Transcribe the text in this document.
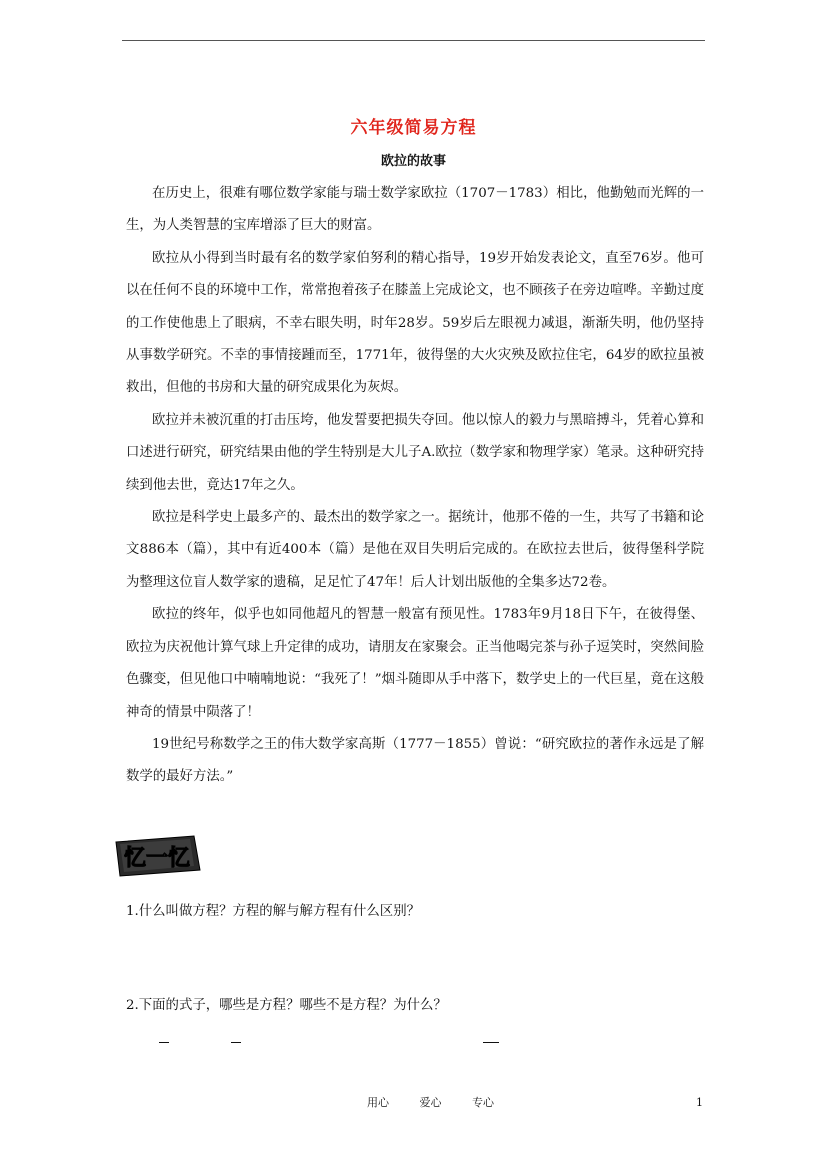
六年级简易方程
欧拉的故事

在历史上，很难有哪位数学家能与瑞士数学家欧拉（1707－1783）相比，他勤勉而光辉的一生，为人类智慧的宝库增添了巨大的财富。

欧拉从小得到当时最有名的数学家伯努利的精心指导，19岁开始发表论文，直至76岁。他可以在任何不良的环境中工作，常常抱着孩子在膝盖上完成论文，也不顾孩子在旁边喧哗。辛勤过度的工作使他患上了眼病，不幸右眼失明，时年28岁。59岁后左眼视力减退，渐渐失明，他仍坚持从事数学研究。不幸的事情接踵而至，1771年，彼得堡的大火灾殃及欧拉住宅，64岁的欧拉虽被救出，但他的书房和大量的研究成果化为灰烬。

欧拉并未被沉重的打击压垮，他发誓要把损失夺回。他以惊人的毅力与黑暗搏斗，凭着心算和口述进行研究，研究结果由他的学生特别是大儿子A.欧拉（数学家和物理学家）笔录。这种研究持续到他去世，竟达17年之久。

欧拉是科学史上最多产的、最杰出的数学家之一。据统计，他那不倦的一生，共写了书籍和论文886本（篇），其中有近400本（篇）是他在双目失明后完成的。在欧拉去世后，彼得堡科学院为整理这位盲人数学家的遗稿，足足忙了47年！后人计划出版他的全集多达72卷。

欧拉的终年，似乎也如同他超凡的智慧一般富有预见性。1783年9月18日下午，在彼得堡、欧拉为庆祝他计算气球上升定律的成功，请朋友在家聚会。正当他喝完茶与孙子逗笑时，突然间脸色骤变，但见他口中喃喃地说：“我死了！”烟斗随即从手中落下，数学史上的一代巨星，竟在这般神奇的情景中陨落了！

19世纪号称数学之王的伟大数学家高斯（1777－1855）曾说：“研究欧拉的著作永远是了解数学的最好方法。”

忆一忆
1.什么叫做方程？方程的解与解方程有什么区别？
2.下面的式子，哪些是方程？哪些不是方程？为什么？
用心	爱心	专心	1
